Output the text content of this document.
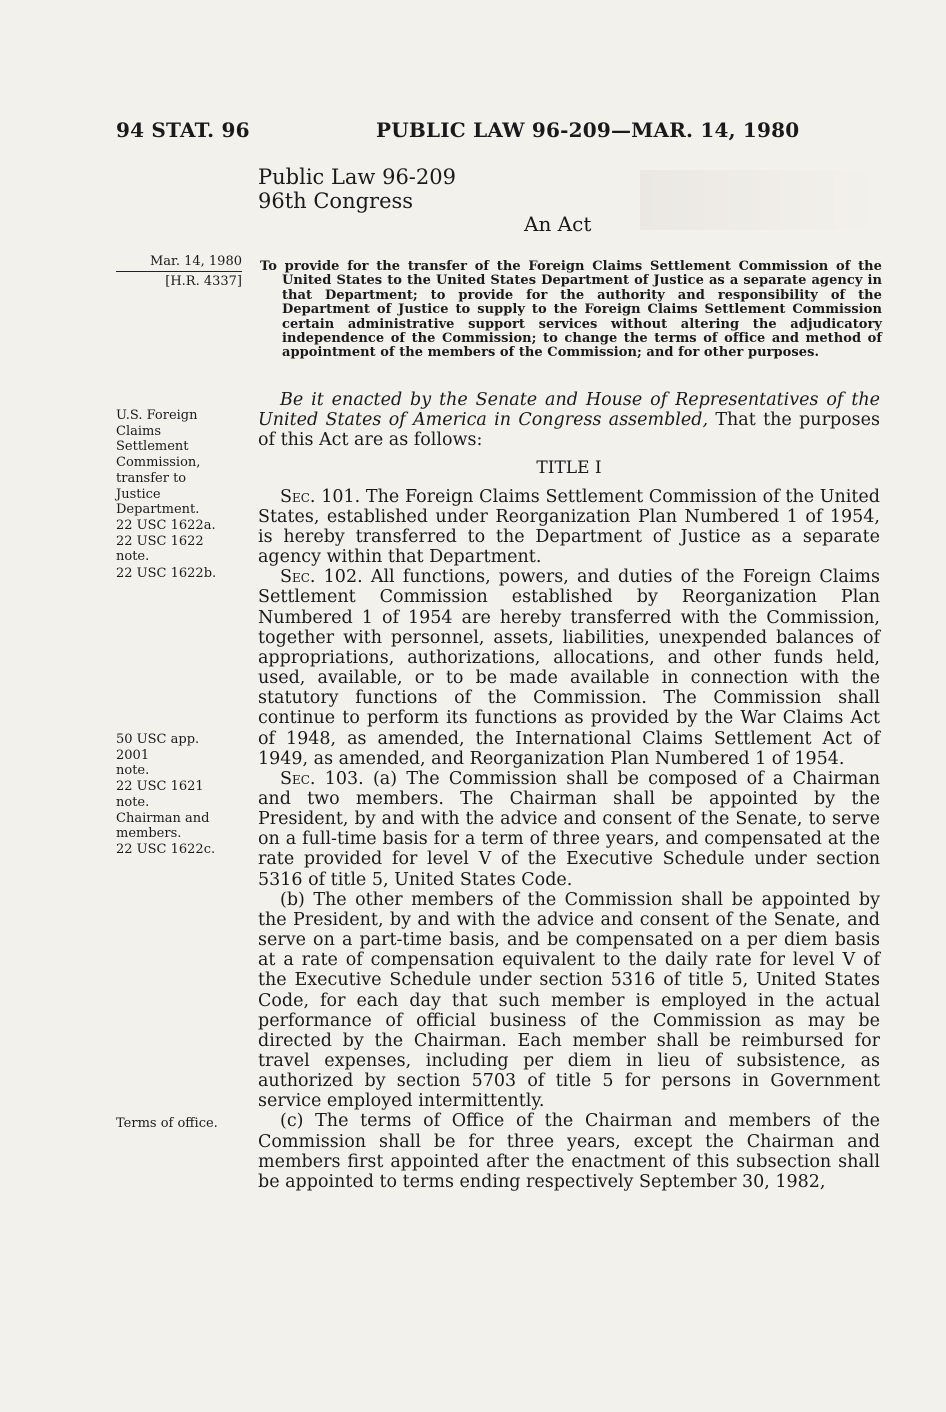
94 STAT. 96	PUBLIC LAW 96-209—MAR. 14, 1980
Public Law 96-209
96th Congress
An Act
Mar. 14, 1980
[H.R. 4337]
To provide for the transfer of the Foreign Claims Settlement Commission of the United States to the United States Department of Justice as a separate agency in that Department; to provide for the authority and responsibility of the Department of Justice to supply to the Foreign Claims Settlement Commission certain administrative support services without altering the adjudicatory independence of the Commission; to change the terms of office and method of appointment of the members of the Commission; and for other purposes.
U.S. Foreign
Claims
Settlement
Commission,
transfer to
Justice
Department.
22 USC 1622a.
22 USC 1622
note.
22 USC 1622b.
50 USC app. 2001
note.
22 USC 1621
note.
Chairman and
members.
22 USC 1622c.
Terms of office.

Be it enacted by the Senate and House of Representatives of the United States of America in Congress assembled, That the purposes of this Act are as follows:

TITLE I

Sec. 101. The Foreign Claims Settlement Commission of the United States, established under Reorganization Plan Numbered 1 of 1954, is hereby transferred to the Department of Justice as a separate agency within that Department.

Sec. 102. All functions, powers, and duties of the Foreign Claims Settlement Commission established by Reorganization Plan Numbered 1 of 1954 are hereby transferred with the Commission, together with personnel, assets, liabilities, unexpended balances of appropriations, authorizations, allocations, and other funds held, used, available, or to be made available in connection with the statutory functions of the Commission. The Commission shall continue to perform its functions as provided by the War Claims Act of 1948, as amended, the International Claims Settlement Act of 1949, as amended, and Reorganization Plan Numbered 1 of 1954.

Sec. 103. (a) The Commission shall be composed of a Chairman and two members. The Chairman shall be appointed by the President, by and with the advice and consent of the Senate, to serve on a full-time basis for a term of three years, and compensated at the rate provided for level V of the Executive Schedule under section 5316 of title 5, United States Code.

(b) The other members of the Commission shall be appointed by the President, by and with the advice and consent of the Senate, and serve on a part-time basis, and be compensated on a per diem basis at a rate of compensation equivalent to the daily rate for level V of the Executive Schedule under section 5316 of title 5, United States Code, for each day that such member is employed in the actual performance of official business of the Commission as may be directed by the Chairman. Each member shall be reimbursed for travel expenses, including per diem in lieu of subsistence, as authorized by section 5703 of title 5 for persons in Government service employed intermittently.

(c) The terms of Office of the Chairman and members of the Commission shall be for three years, except the Chairman and members first appointed after the enactment of this subsection shall be appointed to terms ending respectively September 30, 1982,
